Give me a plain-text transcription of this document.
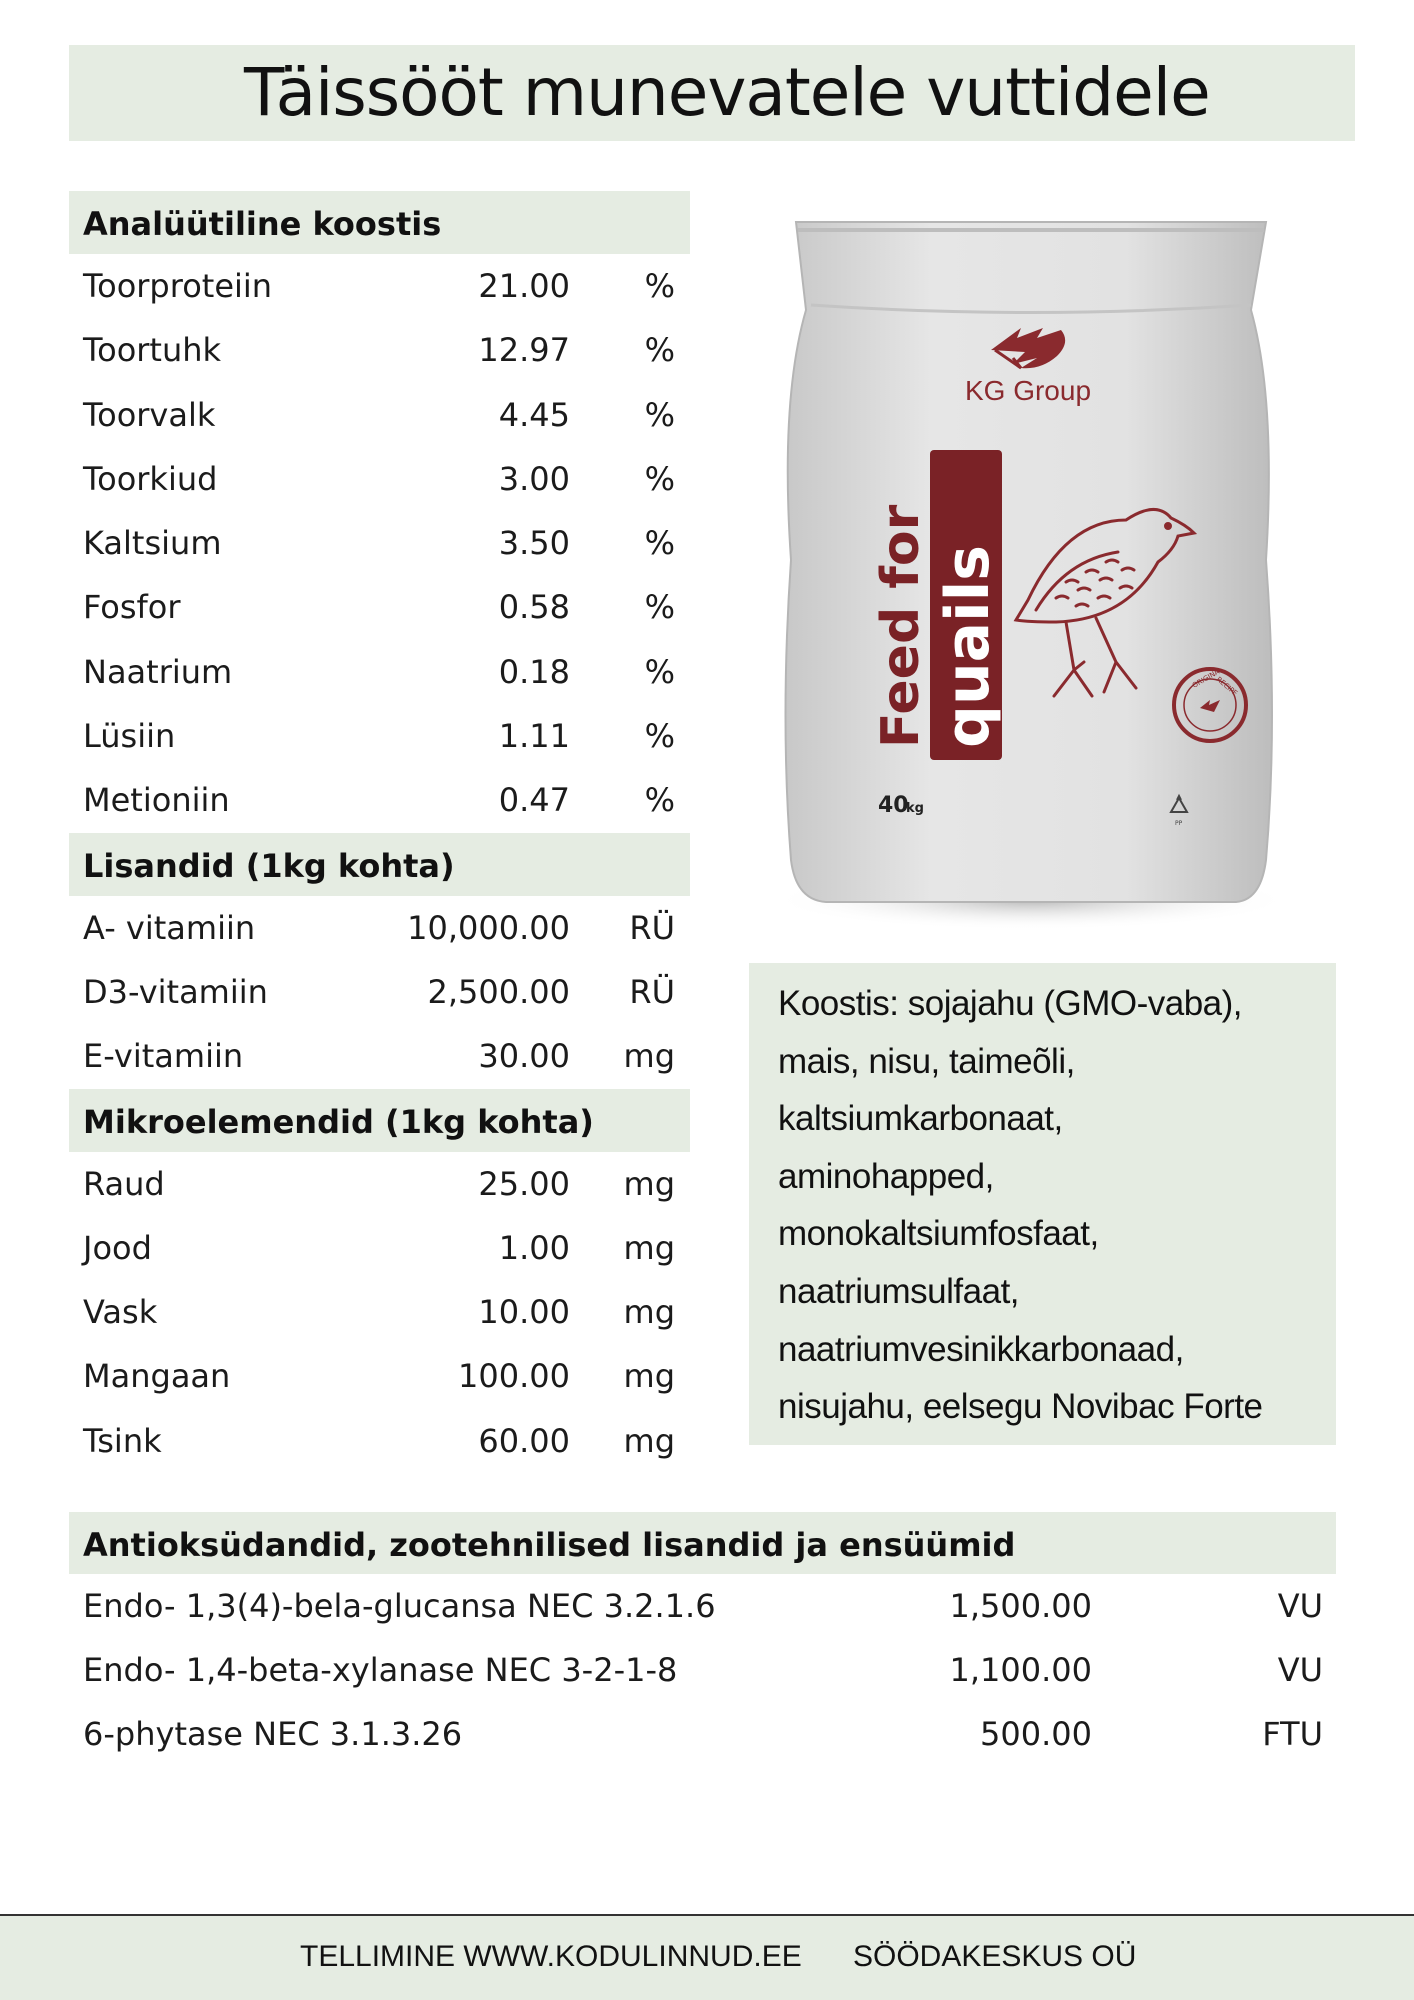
Täissööt munevatele vuttidele
Analüütiline koostis
Toorproteiin	21.00 %
Toortuhk	12.97 %
Toorvalk	4.45 %
Toorkiud	3.00 %
Kaltsium	3.50 %
Fosfor	0.58 %
Naatrium	0.18 %
Lüsiin	1.11 %
Metioniin	0.47 %
Lisandid (1kg kohta)
A- vitamiin	10,000.00 RÜ
D3-vitamiin	2,500.00 RÜ
E-vitamiin	30.00 mg
Mikroelemendid (1kg kohta)
Raud	25.00 mg
Jood	1.00 mg
Vask	10.00 mg
Mangaan	100.00 mg
Tsink	60.00 mg
KG Group
Feed for quails	ORIGINAL
RECIPE
40
kg
PP

Koostis: sojajahu (GMO-vaba),

mais, nisu, taimeõli,

kaltsiumkarbonaat,

aminohapped,

monokaltsiumfosfaat,

naatriumsulfaat,

naatriumvesinikkarbonaad,

nisujahu, eelsegu Novibac Forte

Antioksüdandid, zootehnilised lisandid ja ensüümid
Endo- 1,3(4)-bela-glucansa NEC 3.2.1.6	1,500.00	VU
Endo- 1,4-beta-xylanase NEC 3-2-1-8	1,100.00	VU
6-phytase NEC 3.1.3.26	500.00	FTU
TELLIMINE WWW.KODULINNUD.EE SÖÖDAKESKUS OÜ
